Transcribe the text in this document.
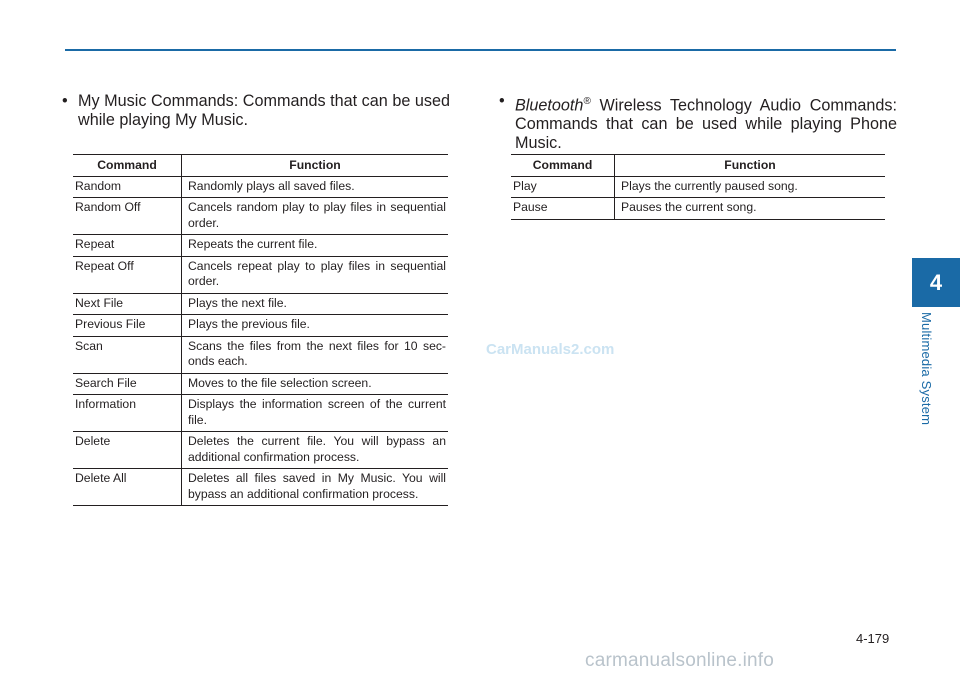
• My Music Commands: Commands that can be used while playing My Music.
Command	Function
Random	Randomly plays all saved files.
Random Off	Cancels random play to play files in sequential order.
Repeat	Repeats the current file.
Repeat Off	Cancels repeat play to play files in sequential order.
Next File	Plays the next file.
Previous File	Plays the previous file.
Scan	Scans the files from the next files for 10 sec-onds each.
Search File	Moves to the file selection screen.
Information	Displays the information screen of the current file.
Delete	Deletes the current file. You will bypass an additional confirmation process.
Delete All	Deletes all files saved in My Music. You will bypass an additional confirmation process.
• Bluetooth® Wireless Technology Audio Commands: Commands that can be used while playing Phone Music.
Command	Function
Play	Plays the currently paused song.
Pause	Pauses the current song.
CarManuals2.com
4
Multimedia System
4-179
carmanualsonline.info
